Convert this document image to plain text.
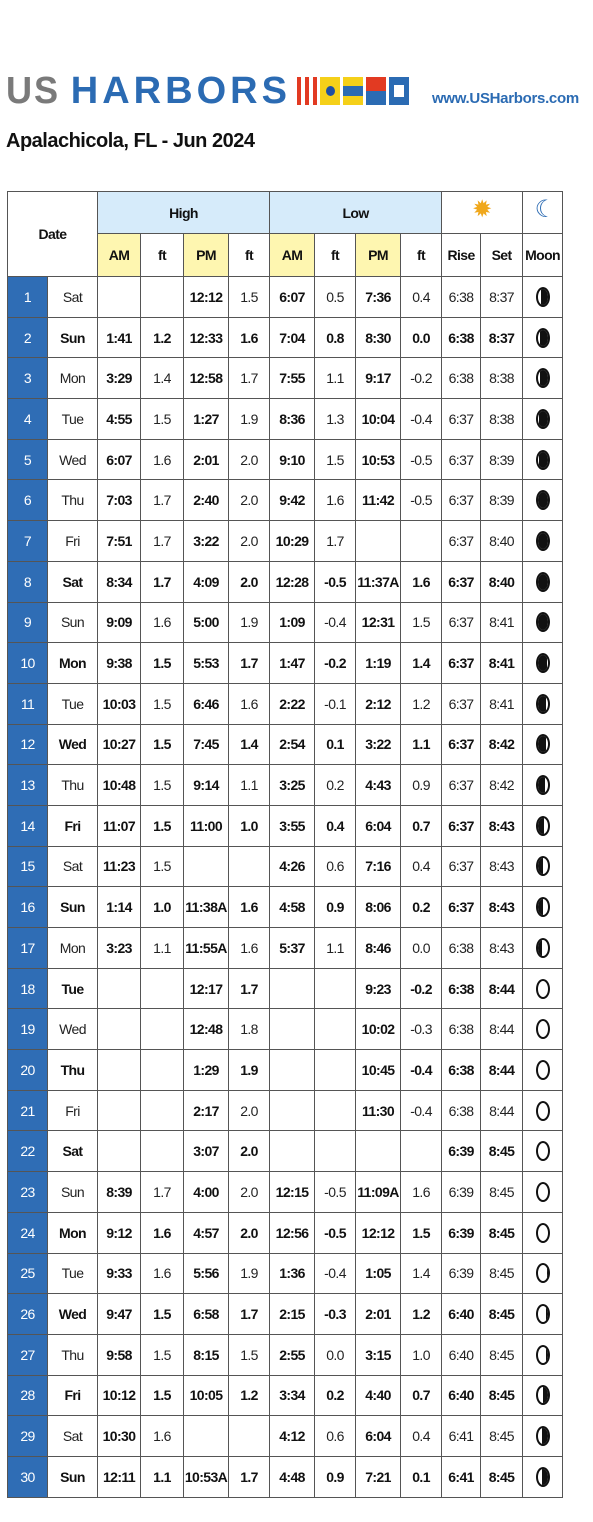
US HARBORS	www.USHarbors.com
Apalachicola, FL - Jun 2024
Date		High				Low	✹	☾
		AM	ft	PM	ft	AM	ft	PM	ft	Rise	Set	Moon
1	Sat			12:12	1.5	6:07	0.5	7:36	0.4	6:38	8:37	

2	Sun	1:41	1.2	12:33	1.6	7:04	0.8	8:30	0.0	6:38	8:37	

3	Mon	3:29	1.4	12:58	1.7	7:55	1.1	9:17	-0.2	6:38	8:38	

4	Tue	4:55	1.5	1:27	1.9	8:36	1.3	10:04	-0.4	6:37	8:38	

5	Wed	6:07	1.6	2:01	2.0	9:10	1.5	10:53	-0.5	6:37	8:39	

6	Thu	7:03	1.7	2:40	2.0	9:42	1.6	11:42	-0.5	6:37	8:39	

7	Fri	7:51	1.7	3:22	2.0	10:29	1.7			6:37	8:40	

8	Sat	8:34	1.7	4:09	2.0	12:28	-0.5	11:37A	1.6	6:37	8:40	

9	Sun	9:09	1.6	5:00	1.9	1:09	-0.4	12:31	1.5	6:37	8:41	

10	Mon	9:38	1.5	5:53	1.7	1:47	-0.2	1:19	1.4	6:37	8:41	

11	Tue	10:03	1.5	6:46	1.6	2:22	-0.1	2:12	1.2	6:37	8:41	

12	Wed	10:27	1.5	7:45	1.4	2:54	0.1	3:22	1.1	6:37	8:42	

13	Thu	10:48	1.5	9:14	1.1	3:25	0.2	4:43	0.9	6:37	8:42	

14	Fri	11:07	1.5	11:00	1.0	3:55	0.4	6:04	0.7	6:37	8:43	

15	Sat	11:23	1.5			4:26	0.6	7:16	0.4	6:37	8:43	

16	Sun	1:14	1.0	11:38A	1.6	4:58	0.9	8:06	0.2	6:37	8:43	

17	Mon	3:23	1.1	11:55A	1.6	5:37	1.1	8:46	0.0	6:38	8:43	

18	Tue			12:17	1.7			9:23	-0.2	6:38	8:44	
19	Wed			12:48	1.8			10:02	-0.3	6:38	8:44	
20	Thu			1:29	1.9			10:45	-0.4	6:38	8:44	
21	Fri			2:17	2.0			11:30	-0.4	6:38	8:44	
22	Sat			3:07	2.0					6:39	8:45	
23	Sun	8:39	1.7	4:00	2.0	12:15	-0.5	11:09A	1.6	6:39	8:45	
24	Mon	9:12	1.6	4:57	2.0	12:56	-0.5	12:12	1.5	6:39	8:45	
25	Tue	9:33	1.6	5:56	1.9	1:36	-0.4	1:05	1.4	6:39	8:45	

26	Wed	9:47	1.5	6:58	1.7	2:15	-0.3	2:01	1.2	6:40	8:45	

27	Thu	9:58	1.5	8:15	1.5	2:55	0.0	3:15	1.0	6:40	8:45	

28	Fri	10:12	1.5	10:05	1.2	3:34	0.2	4:40	0.7	6:40	8:45	

29	Sat	10:30	1.6			4:12	0.6	6:04	0.4	6:41	8:45	

30	Sun	12:11	1.1	10:53A	1.7	4:48	0.9	7:21	0.1	6:41	8:45	
